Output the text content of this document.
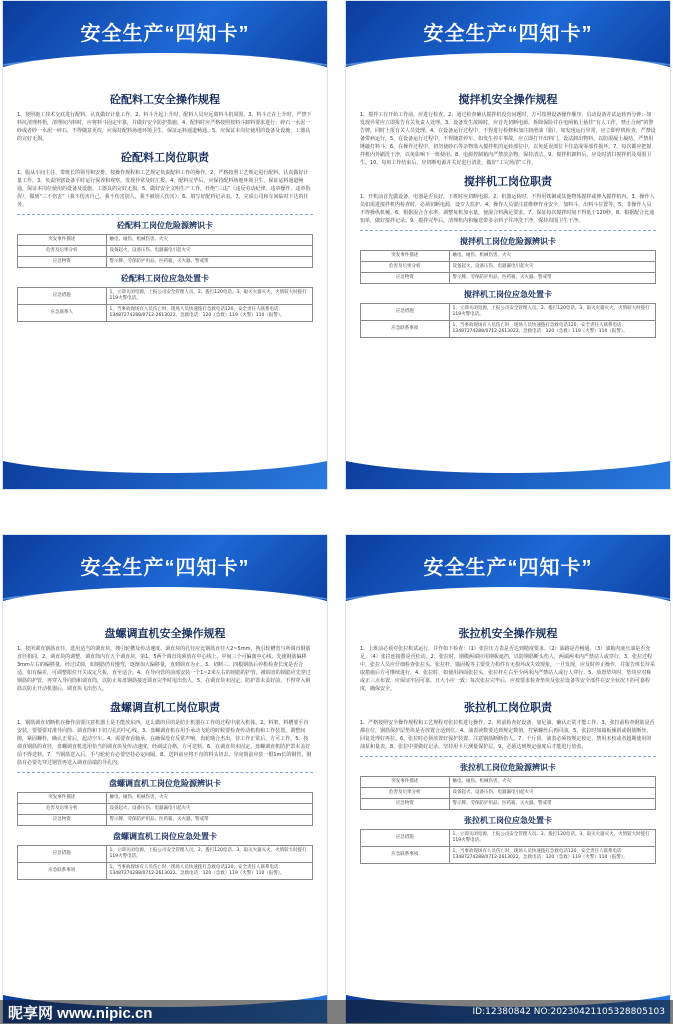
安全生产“四知卡”
砼配料工安全操作规程
1、按照施工技术交底进行配料，认真做好计量工作。2、料斗升起上升时，配料人员应远离料斗机周围。3、料斗正在上升时，严禁下料坑清理杯梧，清理坑内料时，应将料斗固定牢靠，并做好安全防护措施。4、配料时应严格按照按料斗卸料要求进行；碎石一水泥一砂或者砂一水泥一碎石，不得随意更改，应保持配料场地环境卫生，保证运料通道畅通。5、应保证本岗位使用的设备及设施，工器具的完好无损。
砼配料工岗位职责
1、服从车间主任、带班长的领导和安排，按操作规程和工艺规定负责配料工作的操作。2、严格按照工艺规定进行配料，认真做好计量工作。3、负责所辖设备平时运行保养和观察，发现异常及时汇报。4、配料完毕后，应保持配料场地环境卫生，保证运料通道畅通，保证本岗位使用的设备及设施、工器具的完好无损。5、做好安全文明生产工作，杜绝“三违”（违反劳动纪律、违章操作、违章指挥），做到“三不伤害”（我不伤害自己、我不伤害别人、我不被别人伤害）。6、填写好配料记录表。7、完成公司和车间临时下达的任务。
砼配料工岗位危险源辨识卡
突发事件描述	触电、碰伤、机械伤害、火灾
危害及后果分析	设备起火、设备压伤、电器漏电引起火灾
应急物资	警示牌、劳保防护用品、医药箱、灭火器、警戒带
砼配料工岗位应急处置卡
应急措施	1、立即关闭电源，上报公司安全管理人员。2、拨打120电话。3、取灭火器灭火，火情较大时拨打119火警电话。
应急联系人	1、当事故现场有人员伤亡时，现场人员快速拨打急救电话120，安全责任人联系电话：13487274288/0712-2613022。急救电话：120（急救）119（火警）110（报警）。
安全生产“四知卡”
搅拌机安全操作规程
1、搅拌工在开始工作前，应进行检查。2、通过检查确认搅拌机没有问题时，方可按照设备操作顺序，启动设备并试运转再分钟；如发现异常应立即报告有关负责人处理。3、设备发生故障时，应首先切断电源，拆除保险并在电闸箱上悬挂“有人工作，禁止合闸”的警告牌，同时上报有关人员处理。4、在设备运行过程中，不得进行检修和加注润滑油（脂），如发现运行异常，应立即停机检查，严禁设备带病运行。5、在设备运行过程中，不得随意停车，如发生停车事故，应立即打开出料门，设法卸出物料，以防混凝土凝结，严禁用锤敲打料斗。6、在操作过程中，切勿使砂石等杂物落入搅拌机的运转部位中，以免延误部位卡住造成零部件损坏。7、每次都应把搅拌机内外刷洗干净，以免影响下一班使用。8、电源控制箱内严禁放杂物，保持清洁。9、搅拌机卸料后，应及时清扫搅拌机及周围卫生。10、每班工作结束后，应切断电源并关好进行清洗，做好“工完场清”工作。
搅拌机工岗位职责
1、开机前首先做设备、电器是否良好，下班时应切断电源。2、机器运转时，不得用铁锹或其他物体搅拌或伸入搅拌机内。3、操作人员如需进搅拌机内检查时，必须切断电源，设专人监护。4、操作人员要注意维修作业安全，加料斗、出料斗位置等。5、非操作人员不得操纵机械。6、根据混合含水率，调整每机加水量，使混合料满足要求。7、保证每次搅拌时间不得低于120秒。8、根据配合比通知单，做好搅拌记录。9、搅拌完毕后，清理机内和输送带多余料子并冲洗干净，保持周围卫生干净。
搅拌机工岗位危险源辨识卡
突发事件描述	触电、碰伤、机械伤害、火灾
危害及后果分析	设备起火、设备压伤、电器漏电引起火灾
应急物资	警示牌、劳保防护用品、医药箱、灭火器、警戒带
搅拌机工岗位应急处置卡
应急措施	1、立即关闭电源，上报公司安全管理人员。2、拨打120电话。3、取灭火器灭火，火情较大时拨打119火警电话。
应急联系事项	1、当事故现场有人员伤亡时，现场人员快速拨打急救电话120，安全责任人联系电话：13487274288/0712-2613022。急救电话：120（急救）119（火警）110（报警）。
安全生产“四知卡”
盘螺调直机安全操作规程
1、按所调直钢筋直径，选用适当的调直块、拽引轮槽及传动速度。调直块的孔径应比钢筋直径大2~5mm，拽引轮槽宽与所调直钢筋直径相同。2、调直块的调整，调直筒内有五个调直块，第1、5两个调直块须放在中心线上，中间三个可偏离中心线，先使钢筋偏移3mm左右的偏移量，经过试调，如钢筋仍有慢弯，逐渐加大偏移量，直到调直为止。3、切断三、四根钢筋后停机检查长度是否合适，如有偏差，可调整限位开关或定尺板，直至适合。4、在导向管的前部安装一个1~2米左右的钢筋的护管，被调直的钢筋应先穿过钢筋的护管，再穿入导向筒和调直筒，以防止每盘钢筋接近调直完毕时甩出伤人。5、在调直块未固定、防护罩未盖好前，不得穿入钢筋以防止开动机器后，调直块飞出伤人。
盘螺调直机工岗位职责
1、钢筋调直切断机在操作前要注意机器上是不能放东西，这么做的目的是防止机器在工作的过程中滚入机体。2、料架、料槽要平直安装，要要要对准导向筒、调直筒和下切刀孔的中心线。3、盘螺调直机在用手承动飞轮的时候要检查传动机构和工作装置，调整间隙，紧固螺栓，确认正常后，起动空车。4、需要查看轴承，在确保没有反常声响，齿轮啮合杰出，待工作正常后，方可工作。5、按调直钢筋的直径，盘螺调直机选用恰当的调直块及传动速度，经调试合格，方可送料。6、在调直块未固定、盘螺调直机防护罩未盖好前不得送料。7、当钢筋送入后，手与轮轮有必要坚持必定间隔。8、送料前应将不直的料头切去，导向筒前应装一根1m长的钢管，钢筋有必要先穿过钢管再送入调直前端的导孔内。
盘螺调直机工岗位危险源辨识卡
突发事件描述	触电、碰伤、机械伤害、火灾
危害及后果分析	设备起火、设备压伤、电器漏电引起火灾
应急物资	警示牌、劳保防护用品、医药箱、灭火器、警戒带
盘螺调直机工岗位应急处置卡
应急措施	1、立即关闭电源，上报公司安全管理人员。2、拨打120电话。3、取灭火器灭火，火情较大时拨打119火警电话。
应急联系事项	1、当事故现场有人员伤亡时，现场人员快速拨打急救电话120，安全责任人联系电话：13487274288/0712-2613022。急救电话：120（急救）119（火警）110（报警）。
安全生产“四知卡”
张拉机安全操作规程
1、上班前必须对张拉机试运行，并作如下检查：（1）张拉压力表是否达到精度要求。（2）油路是否畅通。（3）油箱内液压油是否充足。（4）张拉连接器是否松动。2、张拉时，钢模两端应用钢板遮挡，以防钢筋断头伤人，两端两米内严禁站人或穿行。3、张拉过程中，张拉人员应仔细检查张拉头、张拉杆、锚固板等主要受力构件有无损坏或失效现象，一旦发现，应及时停止操作，并报告班长待采取措施后方可继续进行。4、张拉时，如使用斜面张拉头，张拉杆左右至少两米内严禁站人或行人穿行。5、放置垫块时，垫块应对称或正三点布置，应保证牢固可靠，且大小应一致；每次张拉完毕后，应按要求检查垫块及张拉设备等安全部件在安全状况下的可靠程度，确保安全。
张拉机工岗位职责
1、严格按照安全操作规程和工艺规程对张拉机进行操作。2、班前检查好设备，加足油，确认正常才能工作。3、张拉前检查钢筋是否都在位，钢筋保护层垫块是否放置合适到位。4、油表读数要达到规定数值，拧紧螺丝后再回油。5、张拉时如端板倾斜或钢筋断丝，回复处理好再拉。6、张拉时必须放置好保护装置，注意钢筋断断伤人。7、千斤顶、油表必须按规定校定，禁用未校或者超期使用的油泵和量表。8、张拉中要做好记录，坚持用卡尺测量保护层。9、必须达到规定强度后才能进行放张。
张拉机工岗位危险源辨识卡
突发事件描述	触电、碰伤、机械伤害、火灾
危害及后果分析	设备起火、设备压伤、电器漏电引起火灾
应急物资	警示牌、劳保防护用品、医药箱、灭火器、警戒带
张拉机工岗位应急处置卡
应急措施	1、立即关闭电源，上报公司安全管理人员。2、拨打120电话。3、取灭火器灭火，火情较大时拨打119火警电话。
应急联系事项	1、当事故现场有人员伤亡时，现场人员快速拨打急救电话120，安全责任人联系电话：13487274288/0712-2613022。急救电话：120（急救）119（火警）110（报警）。
昵享网 www.nipic.cn	ID:12380842 NO:20230421105328805103
